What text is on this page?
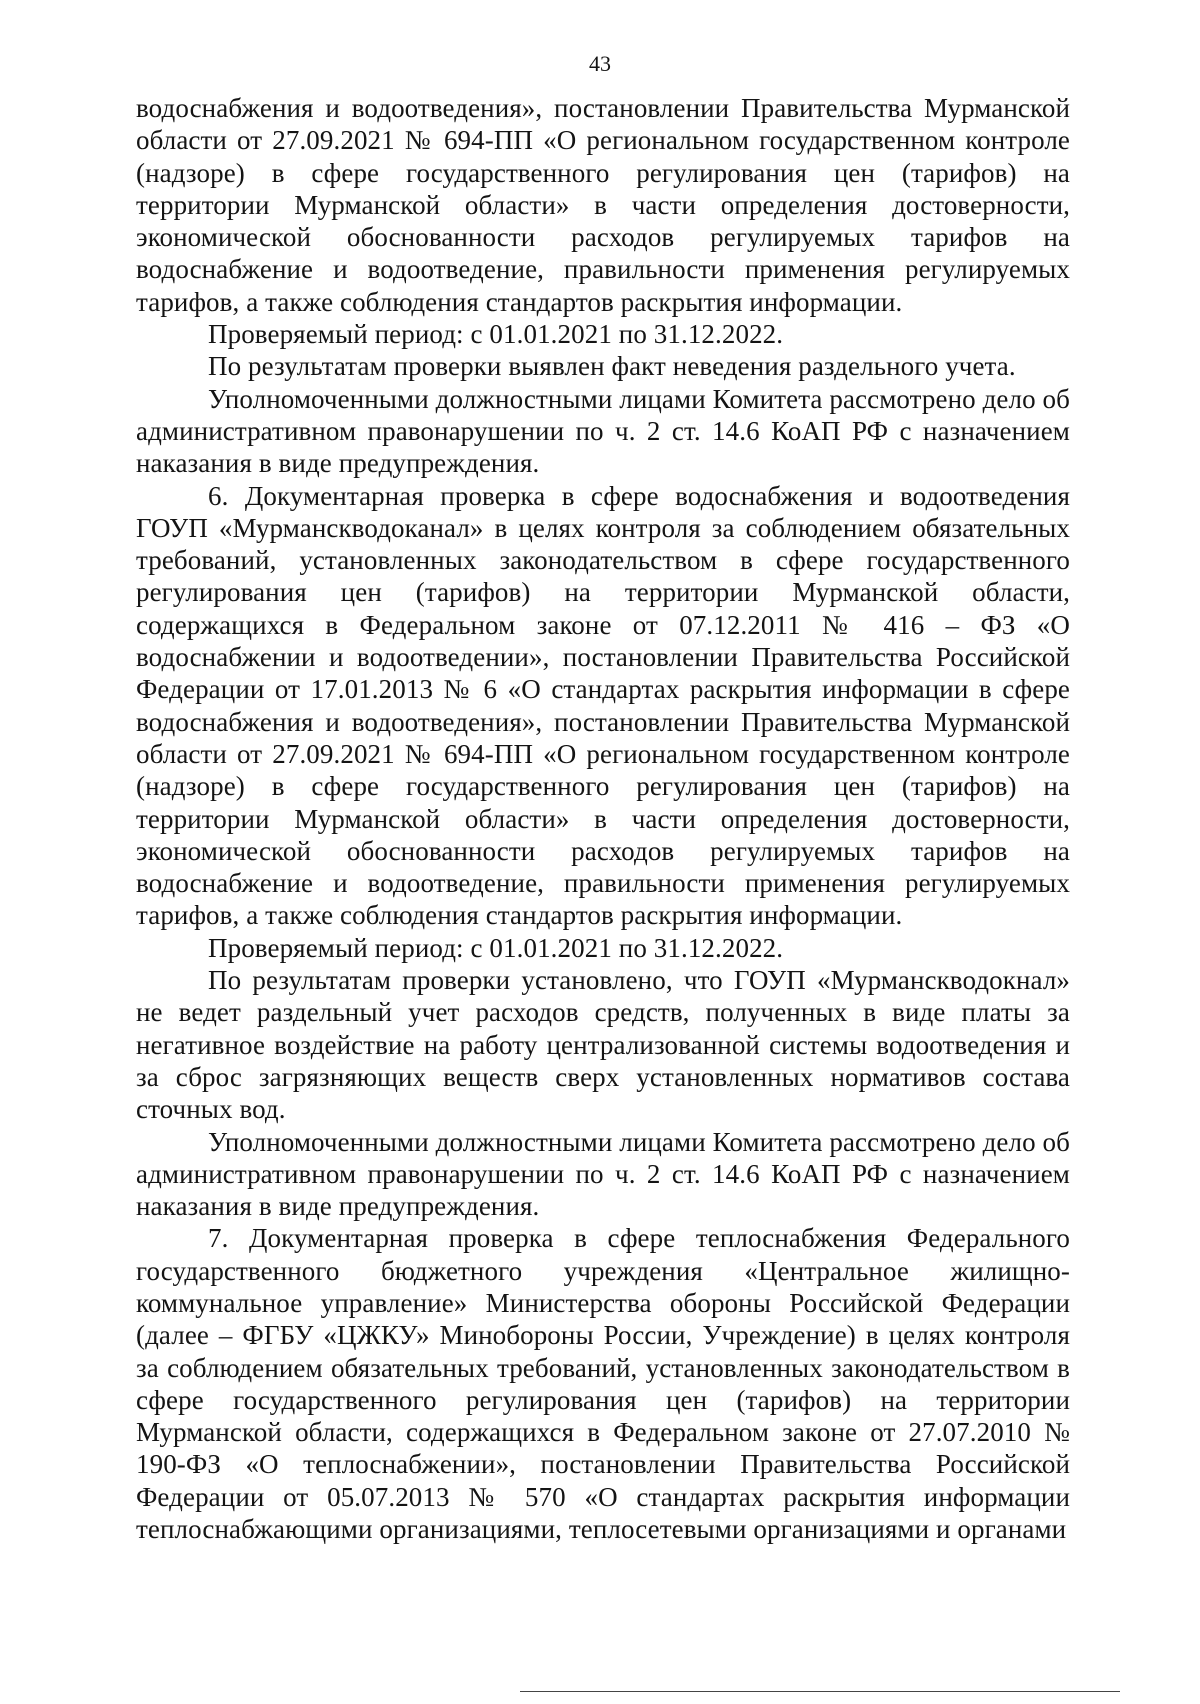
43

водоснабжения и водоотведения», постановлении Правительства Мурманской области от 27.09.2021 № 694-ПП «О региональном государственном контроле (надзоре) в сфере государственного регулирования цен (тарифов) на территории Мурманской области» в части определения достоверности, экономической обоснованности расходов регулируемых тарифов на водоснабжение и водоотведение, правильности применения регулируемых тарифов, а также соблюдения стандартов раскрытия информации.

Проверяемый период: с 01.01.2021 по 31.12.2022.

По результатам проверки выявлен факт неведения раздельного учета.

Уполномоченными должностными лицами Комитета рассмотрено дело об административном правонарушении по ч. 2 ст. 14.6 КоАП РФ с назначением наказания в виде предупреждения.

6. Документарная проверка в сфере водоснабжения и водоотведения ГОУП «Мурманскводоканал» в целях контроля за соблюдением обязательных требований, установленных законодательством в сфере государственного регулирования цен (тарифов) на территории Мурманской области, содержащихся в Федеральном законе от 07.12.2011 № 416 – ФЗ «О водоснабжении и водоотведении», постановлении Правительства Российской Федерации от 17.01.2013 № 6 «О стандартах раскрытия информации в сфере водоснабжения и водоотведения», постановлении Правительства Мурманской области от 27.09.2021 № 694-ПП «О региональном государственном контроле (надзоре) в сфере государственного регулирования цен (тарифов) на территории Мурманской области» в части определения достоверности, экономической обоснованности расходов регулируемых тарифов на водоснабжение и водоотведение, правильности применения регулируемых тарифов, а также соблюдения стандартов раскрытия информации.

Проверяемый период: с 01.01.2021 по 31.12.2022.

По результатам проверки установлено, что ГОУП «Мурманскводокнал» не ведет раздельный учет расходов средств, полученных в виде платы за негативное воздействие на работу централизованной системы водоотведения и за сброс загрязняющих веществ сверх установленных нормативов состава сточных вод.

Уполномоченными должностными лицами Комитета рассмотрено дело об административном правонарушении по ч. 2 ст. 14.6 КоАП РФ с назначением наказания в виде предупреждения.

7. Документарная проверка в сфере теплоснабжения Федерального государственного бюджетного учреждения «Центральное жилищно-коммунальное управление» Министерства обороны Российской Федерации (далее – ФГБУ «ЦЖКУ» Минобороны России, Учреждение) в целях контроля за соблюдением обязательных требований, установленных законодательством в сфере государственного регулирования цен (тарифов) на территории Мурманской области, содержащихся в Федеральном законе от 27.07.2010 № 190-ФЗ «О теплоснабжении», постановлении Правительства Российской Федерации от 05.07.2013 № 570 «О стандартах раскрытия информации теплоснабжающими организациями, теплосетевыми организациями и органами
